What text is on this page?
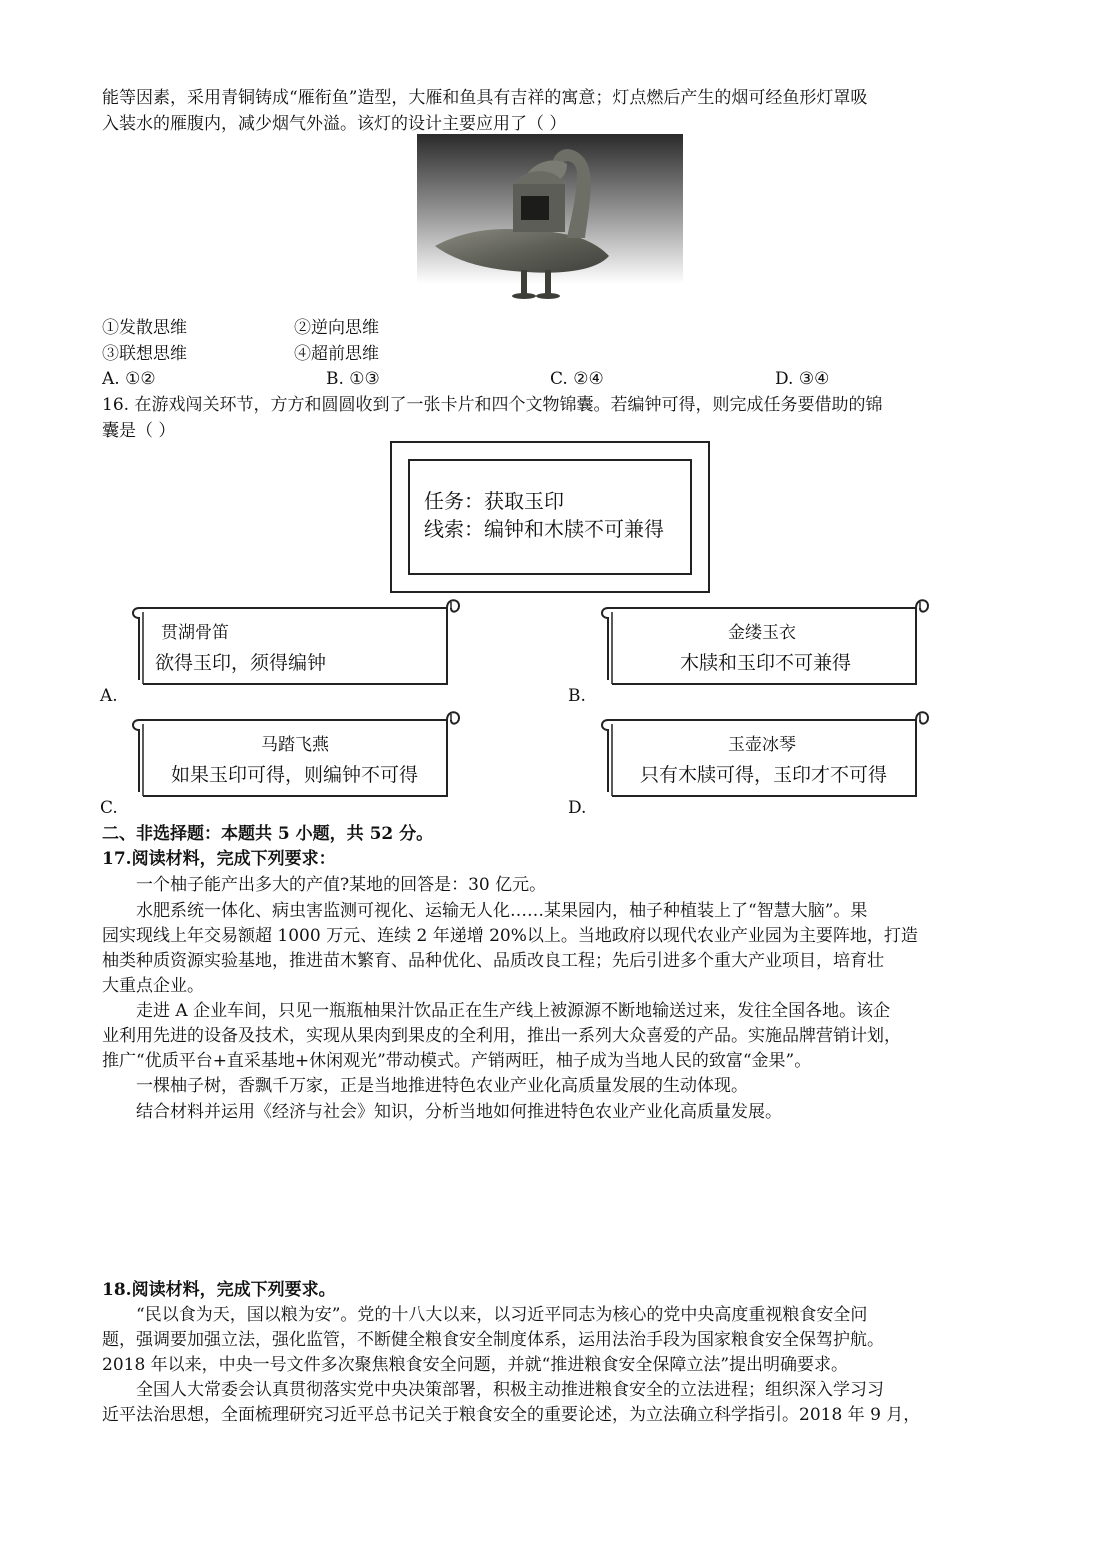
能等因素，采用青铜铸成“雁衔鱼”造型，大雁和鱼具有吉祥的寓意；灯点燃后产生的烟可经鱼形灯罩吸
入装水的雁腹内，减少烟气外溢。该灯的设计主要应用了（ ）
①发散思维	②逆向思维
③联想思维	④超前思维
A. ①②	B. ①③	C. ②④	D. ③④
16. 在游戏闯关环节，方方和圆圆收到了一张卡片和四个文物锦囊。若编钟可得，则完成任务要借助的锦
囊是（ ）
任务：获取玉印
线索：编钟和木牍不可兼得
贯湖骨笛
欲得玉印，须得编钟
A.
金缕玉衣
木牍和玉印不可兼得
B.
马踏飞燕
如果玉印可得，则编钟不可得
C.
玉壶冰琴
只有木牍可得，玉印才不可得
D.
二、非选择题：本题共 5 小题，共 52 分。
17.阅读材料，完成下列要求：
一个柚子能产出多大的产值?某地的回答是：30 亿元。
水肥系统一体化、病虫害监测可视化、运输无人化……某果园内，柚子种植装上了“智慧大脑”。果
园实现线上年交易额超 1000 万元、连续 2 年递增 20%以上。当地政府以现代农业产业园为主要阵地，打造
柚类种质资源实验基地，推进苗木繁育、品种优化、品质改良工程；先后引进多个重大产业项目，培育壮
大重点企业。
走进 A 企业车间，只见一瓶瓶柚果汁饮品正在生产线上被源源不断地输送过来，发往全国各地。该企
业利用先进的设备及技术，实现从果肉到果皮的全利用，推出一系列大众喜爱的产品。实施品牌营销计划，
推广“优质平台+直采基地+休闲观光”带动模式。产销两旺，柚子成为当地人民的致富“金果”。
一棵柚子树，香飘千万家，正是当地推进特色农业产业化高质量发展的生动体现。
结合材料并运用《经济与社会》知识，分析当地如何推进特色农业产业化高质量发展。
18.阅读材料，完成下列要求。
“民以食为天，国以粮为安”。党的十八大以来，以习近平同志为核心的党中央高度重视粮食安全问
题，强调要加强立法，强化监管，不断健全粮食安全制度体系，运用法治手段为国家粮食安全保驾护航。
2018 年以来，中央一号文件多次聚焦粮食安全问题，并就“推进粮食安全保障立法”提出明确要求。
全国人大常委会认真贯彻落实党中央决策部署，积极主动推进粮食安全的立法进程；组织深入学习习
近平法治思想，全面梳理研究习近平总书记关于粮食安全的重要论述，为立法确立科学指引。2018 年 9 月，
